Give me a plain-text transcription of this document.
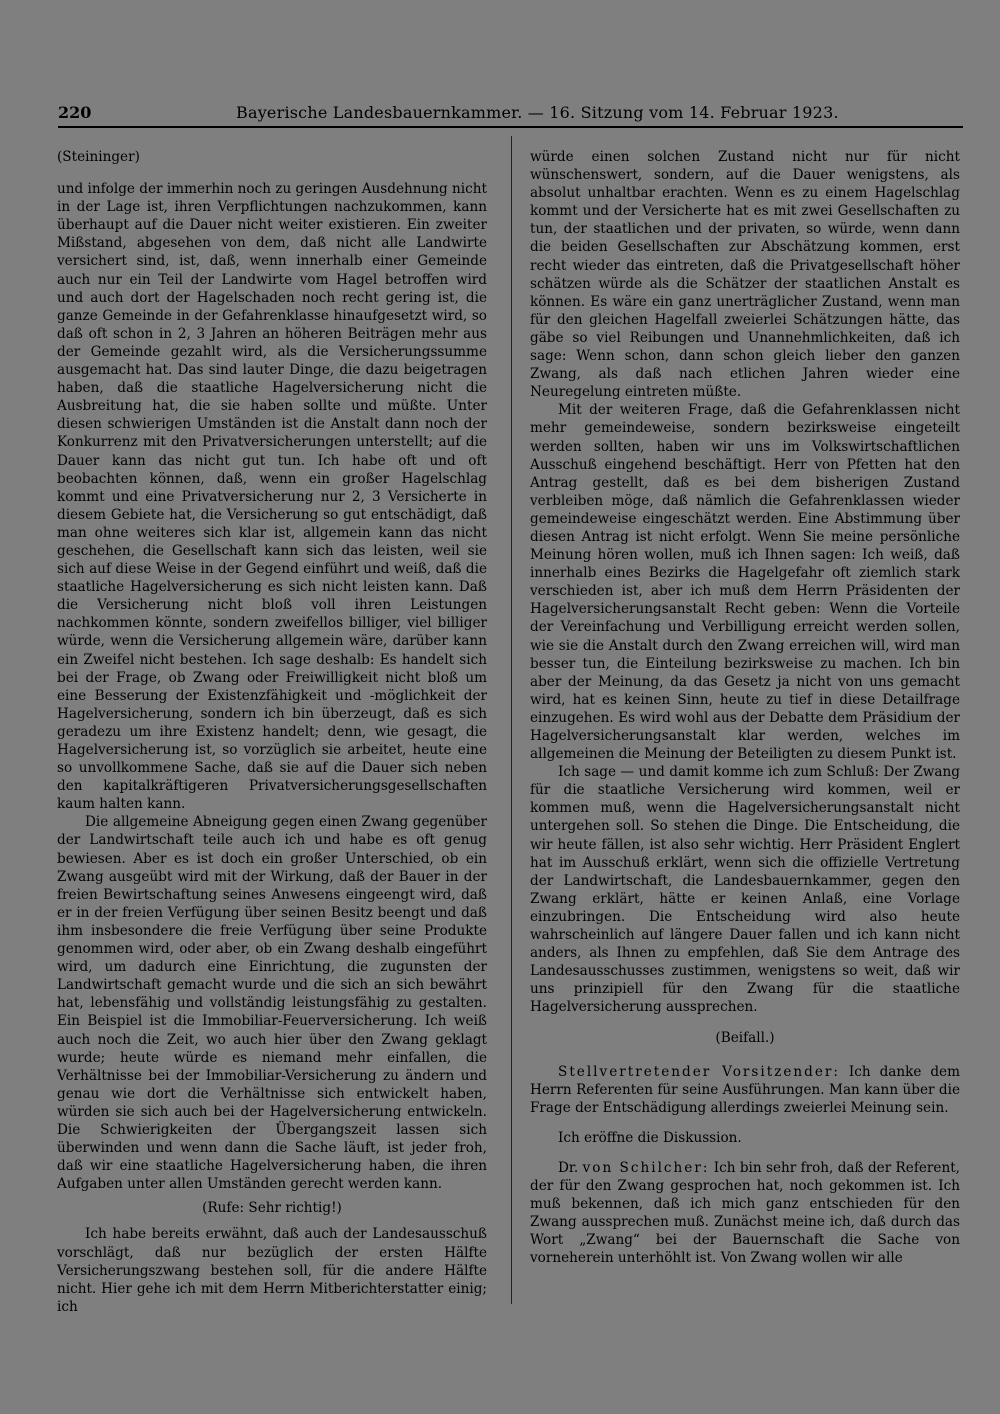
220	Bayerische Landesbauernkammer. — 16. Sitzung vom 14. Februar 1923.

(Steininger)

und infolge der immerhin noch zu geringen Ausdehnung nicht in der Lage ist, ihren Verpflichtungen nachzukommen, kann überhaupt auf die Dauer nicht weiter existieren. Ein zweiter Mißstand, abgesehen von dem, daß nicht alle Landwirte versichert sind, ist, daß, wenn innerhalb einer Gemeinde auch nur ein Teil der Landwirte vom Hagel betroffen wird und auch dort der Hagelschaden noch recht gering ist, die ganze Gemeinde in der Gefahrenklasse hinaufgesetzt wird, so daß oft schon in 2, 3 Jahren an höheren Beiträgen mehr aus der Gemeinde gezahlt wird, als die Versicherungssumme ausgemacht hat. Das sind lauter Dinge, die dazu beigetragen haben, daß die staatliche Hagelversicherung nicht die Ausbreitung hat, die sie haben sollte und müßte. Unter diesen schwierigen Umständen ist die Anstalt dann noch der Konkurrenz mit den Privatversicherungen unterstellt; auf die Dauer kann das nicht gut tun. Ich habe oft und oft beobachten können, daß, wenn ein großer Hagelschlag kommt und eine Privatversicherung nur 2, 3 Versicherte in diesem Gebiete hat, die Versicherung so gut entschädigt, daß man ohne weiteres sich klar ist, allgemein kann das nicht geschehen, die Gesellschaft kann sich das leisten, weil sie sich auf diese Weise in der Gegend einführt und weiß, daß die staatliche Hagelversicherung es sich nicht leisten kann. Daß die Versicherung nicht bloß voll ihren Leistungen nachkommen könnte, sondern zweifellos billiger, viel billiger würde, wenn die Versicherung allgemein wäre, darüber kann ein Zweifel nicht bestehen. Ich sage deshalb: Es handelt sich bei der Frage, ob Zwang oder Freiwilligkeit nicht bloß um eine Besserung der Existenzfähigkeit und -möglichkeit der Hagelversicherung, sondern ich bin überzeugt, daß es sich geradezu um ihre Existenz handelt; denn, wie gesagt, die Hagelversicherung ist, so vorzüglich sie arbeitet, heute eine so unvollkommene Sache, daß sie auf die Dauer sich neben den kapitalkräftigeren Privatversicherungsgesellschaften kaum halten kann.

Die allgemeine Abneigung gegen einen Zwang gegenüber der Landwirtschaft teile auch ich und habe es oft genug bewiesen. Aber es ist doch ein großer Unterschied, ob ein Zwang ausgeübt wird mit der Wirkung, daß der Bauer in der freien Bewirtschaftung seines Anwesens eingeengt wird, daß er in der freien Verfügung über seinen Besitz beengt und daß ihm insbesondere die freie Verfügung über seine Produkte genommen wird, oder aber, ob ein Zwang deshalb eingeführt wird, um dadurch eine Einrichtung, die zugunsten der Landwirtschaft gemacht wurde und die sich an sich bewährt hat, lebensfähig und vollständig leistungsfähig zu gestalten. Ein Beispiel ist die Immobiliar-Feuerversicherung. Ich weiß auch noch die Zeit, wo auch hier über den Zwang geklagt wurde; heute würde es niemand mehr einfallen, die Verhältnisse bei der Immobiliar-Versicherung zu ändern und genau wie dort die Verhältnisse sich entwickelt haben, würden sie sich auch bei der Hagelversicherung entwickeln. Die Schwierigkeiten der Übergangszeit lassen sich überwinden und wenn dann die Sache läuft, ist jeder froh, daß wir eine staatliche Hagelversicherung haben, die ihren Aufgaben unter allen Umständen gerecht werden kann.

(Rufe: Sehr richtig!)

Ich habe bereits erwähnt, daß auch der Landesausschuß vorschlägt, daß nur bezüglich der ersten Hälfte Versicherungszwang bestehen soll, für die andere Hälfte nicht. Hier gehe ich mit dem Herrn Mitberichterstatter einig; ich

würde einen solchen Zustand nicht nur für nicht wünschenswert, sondern, auf die Dauer wenigstens, als absolut unhaltbar erachten. Wenn es zu einem Hagelschlag kommt und der Versicherte hat es mit zwei Gesellschaften zu tun, der staatlichen und der privaten, so würde, wenn dann die beiden Gesellschaften zur Abschätzung kommen, erst recht wieder das eintreten, daß die Privatgesellschaft höher schätzen würde als die Schätzer der staatlichen Anstalt es können. Es wäre ein ganz unerträglicher Zustand, wenn man für den gleichen Hagelfall zweierlei Schätzungen hätte, das gäbe so viel Reibungen und Unannehmlichkeiten, daß ich sage: Wenn schon, dann schon gleich lieber den ganzen Zwang, als daß nach etlichen Jahren wieder eine Neuregelung eintreten müßte.

Mit der weiteren Frage, daß die Gefahrenklassen nicht mehr gemeindeweise, sondern bezirksweise eingeteilt werden sollten, haben wir uns im Volkswirtschaftlichen Ausschuß eingehend beschäftigt. Herr von Pfetten hat den Antrag gestellt, daß es bei dem bisherigen Zustand verbleiben möge, daß nämlich die Gefahrenklassen wieder gemeindeweise eingeschätzt werden. Eine Abstimmung über diesen Antrag ist nicht erfolgt. Wenn Sie meine persönliche Meinung hören wollen, muß ich Ihnen sagen: Ich weiß, daß innerhalb eines Bezirks die Hagelgefahr oft ziemlich stark verschieden ist, aber ich muß dem Herrn Präsidenten der Hagelversicherungsanstalt Recht geben: Wenn die Vorteile der Vereinfachung und Verbilligung erreicht werden sollen, wie sie die Anstalt durch den Zwang erreichen will, wird man besser tun, die Einteilung bezirksweise zu machen. Ich bin aber der Meinung, da das Gesetz ja nicht von uns gemacht wird, hat es keinen Sinn, heute zu tief in diese Detailfrage einzugehen. Es wird wohl aus der Debatte dem Präsidium der Hagelversicherungsanstalt klar werden, welches im allgemeinen die Meinung der Beteiligten zu diesem Punkt ist.

Ich sage — und damit komme ich zum Schluß: Der Zwang für die staatliche Versicherung wird kommen, weil er kommen muß, wenn die Hagelversicherungsanstalt nicht untergehen soll. So stehen die Dinge. Die Entscheidung, die wir heute fällen, ist also sehr wichtig. Herr Präsident Englert hat im Ausschuß erklärt, wenn sich die offizielle Vertretung der Landwirtschaft, die Landesbauernkammer, gegen den Zwang erklärt, hätte er keinen Anlaß, eine Vorlage einzubringen. Die Entscheidung wird also heute wahrscheinlich auf längere Dauer fallen und ich kann nicht anders, als Ihnen zu empfehlen, daß Sie dem Antrage des Landesausschusses zustimmen, wenigstens so weit, daß wir uns prinzipiell für den Zwang für die staatliche Hagelversicherung aussprechen.

(Beifall.)

Stellvertretender Vorsitzender: Ich danke dem Herrn Referenten für seine Ausführungen. Man kann über die Frage der Entschädigung allerdings zweierlei Meinung sein.

Ich eröffne die Diskussion.

Dr. von Schilcher: Ich bin sehr froh, daß der Referent, der für den Zwang gesprochen hat, noch gekommen ist. Ich muß bekennen, daß ich mich ganz entschieden für den Zwang aussprechen muß. Zunächst meine ich, daß durch das Wort „Zwang“ bei der Bauernschaft die Sache von vorneherein unterhöhlt ist. Von Zwang wollen wir alle
